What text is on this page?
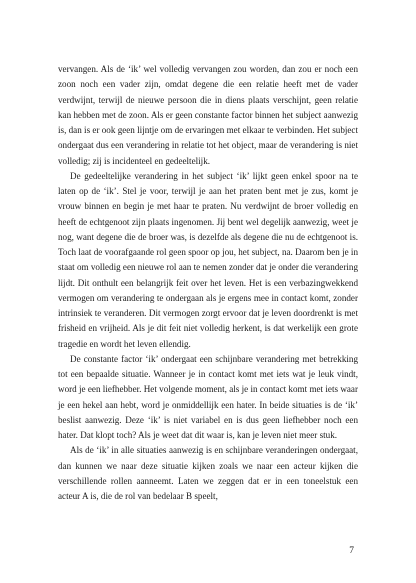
vervangen. Als de ‘ik’ wel volledig vervangen zou worden, dan zou er noch een zoon noch een vader zijn, omdat degene die een relatie heeft met de vader verdwijnt, terwijl de nieuwe persoon die in diens plaats verschijnt, geen relatie kan hebben met de zoon. Als er geen constante factor binnen het subject aanwezig is, dan is er ook geen lijntje om de ervaringen met elkaar te verbinden. Het subject ondergaat dus een verandering in relatie tot het object, maar de verandering is niet volledig; zij is incidenteel en gedeeltelijk.

De gedeeltelijke verandering in het subject ‘ik’ lijkt geen enkel spoor na te laten op de ‘ik’. Stel je voor, terwijl je aan het praten bent met je zus, komt je vrouw binnen en begin je met haar te praten. Nu verdwijnt de broer volledig en heeft de echtgenoot zijn plaats ingenomen. Jij bent wel degelijk aanwezig, weet je nog, want degene die de broer was, is dezelfde als degene die nu de echtgenoot is. Toch laat de voorafgaande rol geen spoor op jou, het subject, na. Daarom ben je in staat om volledig een nieuwe rol aan te nemen zonder dat je onder die verandering lijdt. Dit onthult een belangrijk feit over het leven. Het is een verbazingwekkend vermogen om verandering te ondergaan als je ergens mee in contact komt, zonder intrinsiek te veranderen. Dit vermogen zorgt ervoor dat je leven doordrenkt is met frisheid en vrijheid. Als je dit feit niet volledig herkent, is dat werkelijk een grote tragedie en wordt het leven ellendig.

De constante factor ‘ik’ ondergaat een schijnbare verandering met betrekking tot een bepaalde situatie. Wanneer je in contact komt met iets wat je leuk vindt, word je een liefhebber. Het volgende moment, als je in contact komt met iets waar je een hekel aan hebt, word je onmiddellijk een hater. In beide situaties is de ‘ik’ beslist aanwezig. Deze ‘ik’ is niet variabel en is dus geen liefhebber noch een hater. Dat klopt toch? Als je weet dat dit waar is, kan je leven niet meer stuk.

Als de ‘ik’ in alle situaties aanwezig is en schijnbare veranderingen ondergaat, dan kunnen we naar deze situatie kijken zoals we naar een acteur kijken die verschillende rollen aanneemt. Laten we zeggen dat er in een toneelstuk een acteur A is, die de rol van bedelaar B speelt,

7
